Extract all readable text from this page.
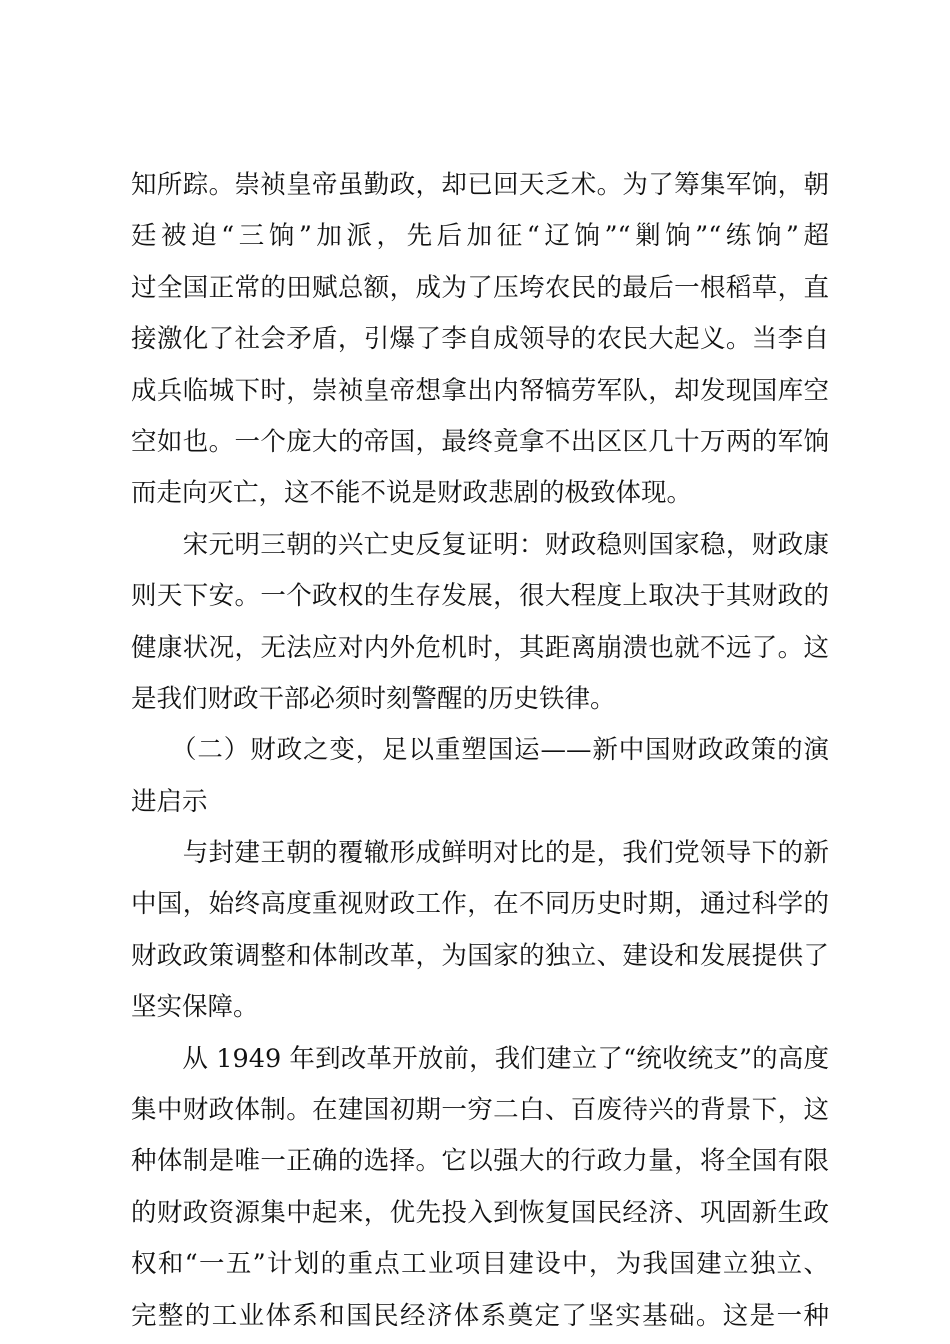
知所踪。崇祯皇帝虽勤政，却已回天乏术。为了筹集军饷，朝
廷被迫“三饷”加派，先后加征“辽饷”“剿饷”“练饷”超
过全国正常的田赋总额，成为了压垮农民的最后一根稻草，直
接激化了社会矛盾，引爆了李自成领导的农民大起义。当李自
成兵临城下时，崇祯皇帝想拿出内帑犒劳军队，却发现国库空
空如也。一个庞大的帝国，最终竟拿不出区区几十万两的军饷
而走向灭亡，这不能不说是财政悲剧的极致体现。
　　宋元明三朝的兴亡史反复证明：财政稳则国家稳，财政康
则天下安。一个政权的生存发展，很大程度上取决于其财政的
健康状况，无法应对内外危机时，其距离崩溃也就不远了。这
是我们财政干部必须时刻警醒的历史铁律。
　　（二）财政之变，足以重塑国运——新中国财政政策的演
进启示
　　与封建王朝的覆辙形成鲜明对比的是，我们党领导下的新
中国，始终高度重视财政工作，在不同历史时期，通过科学的
财政政策调整和体制改革，为国家的独立、建设和发展提供了
坚实保障。
　　从 1949 年到改革开放前，我们建立了“统收统支”的高度
集中财政体制。在建国初期一穷二白、百废待兴的背景下，这
种体制是唯一正确的选择。它以强大的行政力量，将全国有限
的财政资源集中起来，优先投入到恢复国民经济、巩固新生政
权和“一五”计划的重点工业项目建设中，为我国建立独立、
完整的工业体系和国民经济体系奠定了坚实基础。这是一种
